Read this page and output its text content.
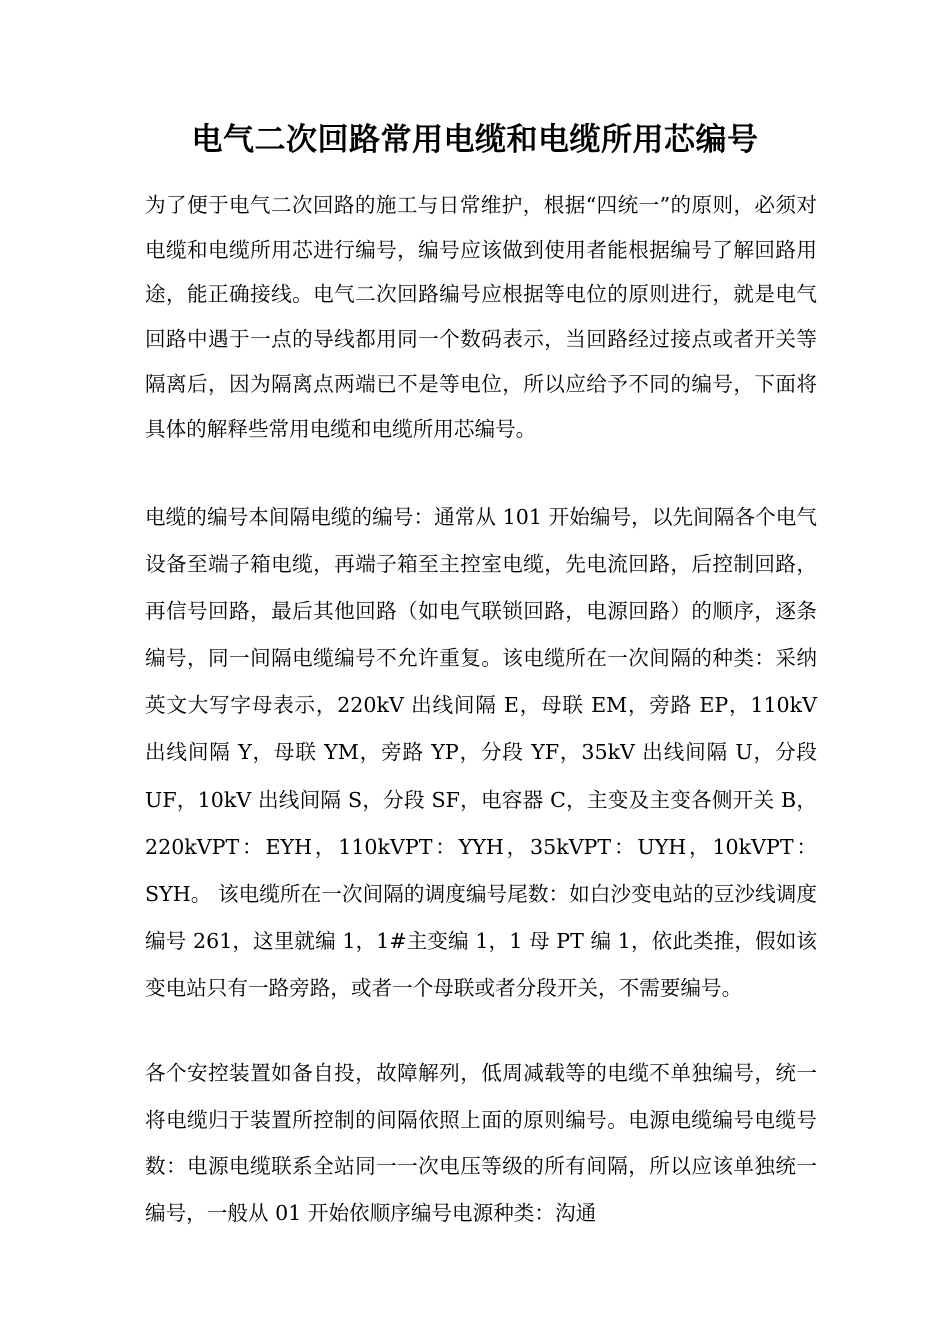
电气二次回路常用电缆和电缆所用芯编号

为了便于电气二次回路的施工与日常维护，根据“四统一”的原则，必须对电缆和电缆所用芯进行编号，编号应该做到使用者能根据编号了解回路用途，能正确接线。电气二次回路编号应根据等电位的原则进行，就是电气回路中遇于一点的导线都用同一个数码表示，当回路经过接点或者开关等隔离后，因为隔离点两端已不是等电位，所以应给予不同的编号，下面将具体的解释些常用电缆和电缆所用芯编号。

电缆的编号本间隔电缆的编号：通常从 101 开始编号，以先间隔各个电气设备至端子箱电缆，再端子箱至主控室电缆，先电流回路，后控制回路，再信号回路，最后其他回路（如电气联锁回路，电源回路）的顺序，逐条编号，同一间隔电缆编号不允许重复。该电缆所在一次间隔的种类：采纳英文大写字母表示，220kV 出线间隔 E，母联 EM，旁路 EP，110kV 出线间隔 Y，母联 YM，旁路 YP，分段 YF，35kV 出线间隔 U，分段 UF，10kV 出线间隔 S，分段 SF，电容器 C，主变及主变各侧开关 B，220kVPT：EYH，110kVPT：YYH，35kVPT：UYH，10kVPT：SYH。 该电缆所在一次间隔的调度编号尾数：如白沙变电站的豆沙线调度编号 261，这里就编 1，1#主变编 1，1 母 PT 编 1，依此类推，假如该变电站只有一路旁路，或者一个母联或者分段开关，不需要编号。

各个安控装置如备自投，故障解列，低周减载等的电缆不单独编号，统一将电缆归于装置所控制的间隔依照上面的原则编号。电源电缆编号电缆号数：电源电缆联系全站同一一次电压等级的所有间隔，所以应该单独统一编号，一般从 01 开始依顺序编号电源种类：沟通
